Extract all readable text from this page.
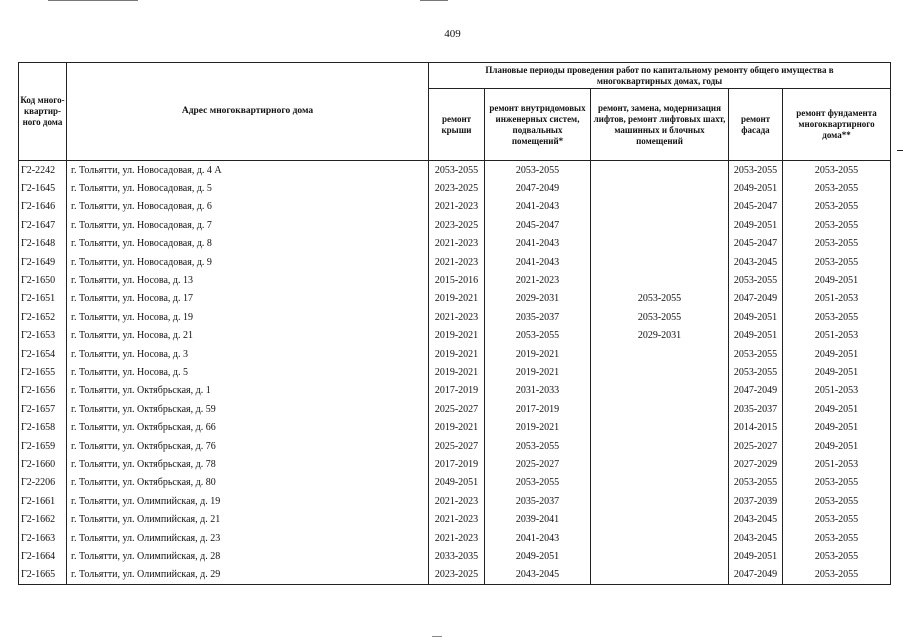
409
Код много-квартир-ного дома	Адрес многоквартирного дома	Плановые периоды проведения работ по капитальному ремонту общего имущества в многоквартирных домах, годы				
		ремонт крыши	ремонт внутридомовых инженерных систем, подвальных помещений*	ремонт, замена, модернизация лифтов, ремонт лифтовых шахт, машинных и блочных помещений	ремонт фасада	ремонт фундамента многоквартирного дома**
Г2-2242	г. Тольятти, ул. Новосадовая, д. 4 А	2053-2055	2053-2055		2053-2055	2053-2055
Г2-1645	г. Тольятти, ул. Новосадовая, д. 5	2023-2025	2047-2049		2049-2051	2053-2055
Г2-1646	г. Тольятти, ул. Новосадовая, д. 6	2021-2023	2041-2043		2045-2047	2053-2055
Г2-1647	г. Тольятти, ул. Новосадовая, д. 7	2023-2025	2045-2047		2049-2051	2053-2055
Г2-1648	г. Тольятти, ул. Новосадовая, д. 8	2021-2023	2041-2043		2045-2047	2053-2055
Г2-1649	г. Тольятти, ул. Новосадовая, д. 9	2021-2023	2041-2043		2043-2045	2053-2055
Г2-1650	г. Тольятти, ул. Носова, д. 13	2015-2016	2021-2023		2053-2055	2049-2051
Г2-1651	г. Тольятти, ул. Носова, д. 17	2019-2021	2029-2031	2053-2055	2047-2049	2051-2053
Г2-1652	г. Тольятти, ул. Носова, д. 19	2021-2023	2035-2037	2053-2055	2049-2051	2053-2055
Г2-1653	г. Тольятти, ул. Носова, д. 21	2019-2021	2053-2055	2029-2031	2049-2051	2051-2053
Г2-1654	г. Тольятти, ул. Носова, д. 3	2019-2021	2019-2021		2053-2055	2049-2051
Г2-1655	г. Тольятти, ул. Носова, д. 5	2019-2021	2019-2021		2053-2055	2049-2051
Г2-1656	г. Тольятти, ул. Октябрьская, д. 1	2017-2019	2031-2033		2047-2049	2051-2053
Г2-1657	г. Тольятти, ул. Октябрьская, д. 59	2025-2027	2017-2019		2035-2037	2049-2051
Г2-1658	г. Тольятти, ул. Октябрьская, д. 66	2019-2021	2019-2021		2014-2015	2049-2051
Г2-1659	г. Тольятти, ул. Октябрьская, д. 76	2025-2027	2053-2055		2025-2027	2049-2051
Г2-1660	г. Тольятти, ул. Октябрьская, д. 78	2017-2019	2025-2027		2027-2029	2051-2053
Г2-2206	г. Тольятти, ул. Октябрьская, д. 80	2049-2051	2053-2055		2053-2055	2053-2055
Г2-1661	г. Тольятти, ул. Олимпийская, д. 19	2021-2023	2035-2037		2037-2039	2053-2055
Г2-1662	г. Тольятти, ул. Олимпийская, д. 21	2021-2023	2039-2041		2043-2045	2053-2055
Г2-1663	г. Тольятти, ул. Олимпийская, д. 23	2021-2023	2041-2043		2043-2045	2053-2055
Г2-1664	г. Тольятти, ул. Олимпийская, д. 28	2033-2035	2049-2051		2049-2051	2053-2055
Г2-1665	г. Тольятти, ул. Олимпийская, д. 29	2023-2025	2043-2045		2047-2049	2053-2055
